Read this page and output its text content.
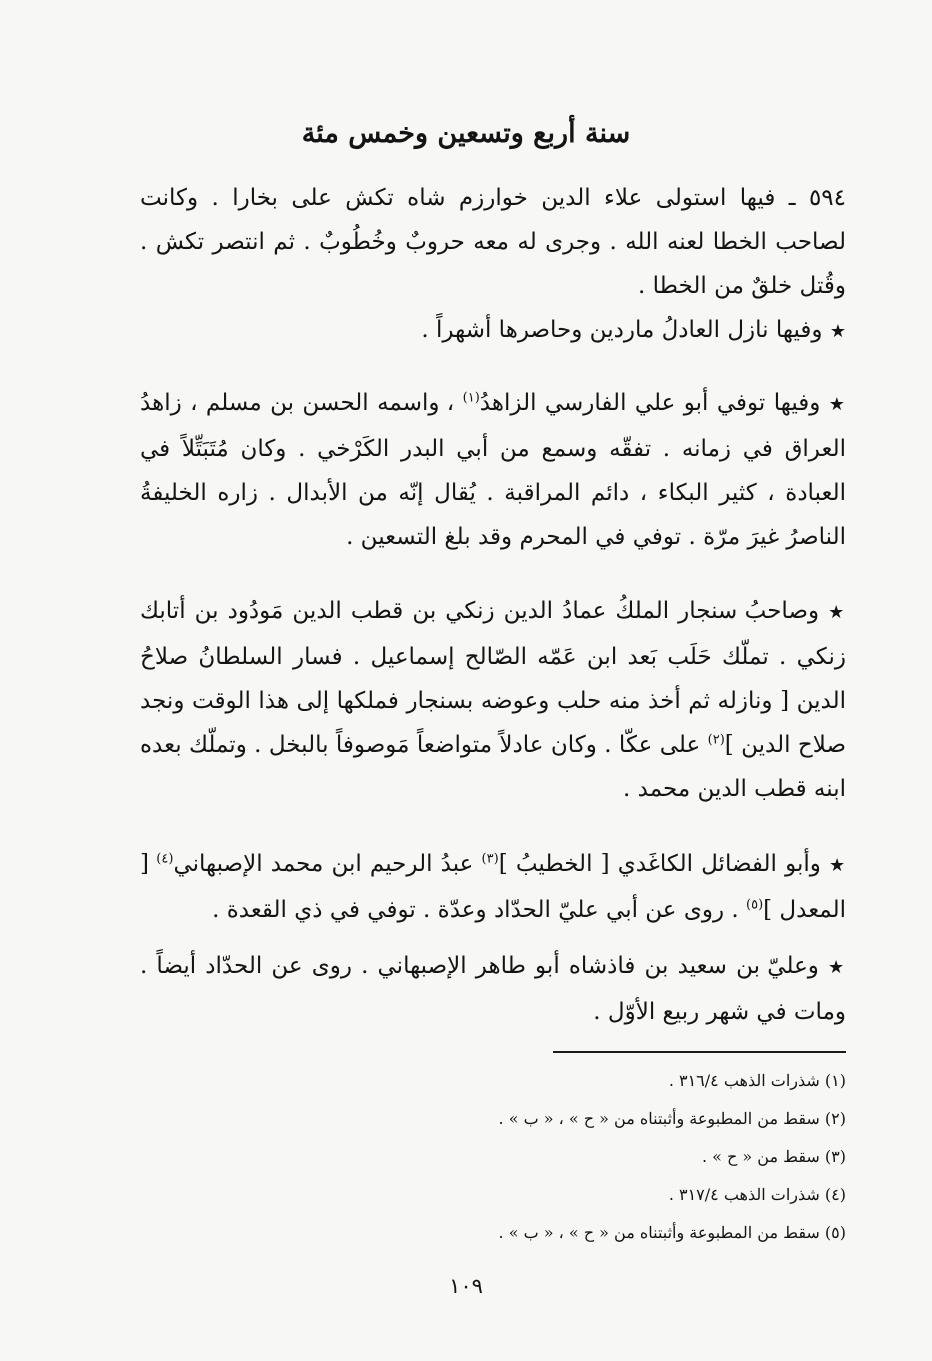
سنة أربع وتسعين وخمس مئة

٥٩٤ ـ فيها استولى علاء الدين خوارزم شاه تكش على بخارا . وكانت لصاحب الخطا لعنه الله . وجرى له معه حروبٌ وخُطُوبٌ . ثم انتصر تكش . وقُتل خلقٌ من الخطا .

★ وفيها نازل العادلُ ماردين وحاصرها أشهراً .

★ وفيها توفي أبو علي الفارسي الزاهدُ$^{(١)}$ ، واسمه الحسن بن مسلم ، زاهدُ العراق في زمانه . تفقّه وسمع من أبي البدر الكَرْخي . وكان مُتَبَتِّلاً في العبادة ، كثير البكاء ، دائم المراقبة . يُقال إنّه من الأبدال . زاره الخليفةُ الناصرُ غيرَ مرّة . توفي في المحرم وقد بلغ التسعين .

★ وصاحبُ سنجار الملكُ عمادُ الدين زنكي بن قطب الدين مَودُود بن أتابك زنكي . تملّك حَلَب بَعد ابن عَمّه الصّالح إسماعيل . فسار السلطانُ صلاحُ الدين [ ونازله ثم أخذ منه حلب وعوضه بسنجار فملكها إلى هذا الوقت ونجد صلاح الدين ]$^{(٢)}$ على عكّا . وكان عادلاً متواضعاً مَوصوفاً بالبخل . وتملّك بعده ابنه قطب الدين محمد .

★ وأبو الفضائل الكاغَدي [ الخطيبُ ]$^{(٣)}$ عبدُ الرحيم ابن محمد الإصبهاني$^{(٤)}$ [ المعدل ]$^{(٥)}$ . روى عن أبي عليّ الحدّاد وعدّة . توفي في ذي القعدة .

★ وعليّ بن سعيد بن فاذشاه أبو طاهر الإصبهاني . روى عن الحدّاد أيضاً . ومات في شهر ربيع الأوّل .

(١) شذرات الذهب ٣١٦/٤ .
(٢) سقط من المطبوعة وأثبتناه من « ح » ، « ب » .
(٣) سقط من « ح » .
(٤) شذرات الذهب ٣١٧/٤ .
(٥) سقط من المطبوعة وأثبتناه من « ح » ، « ب » .
١٠٩
